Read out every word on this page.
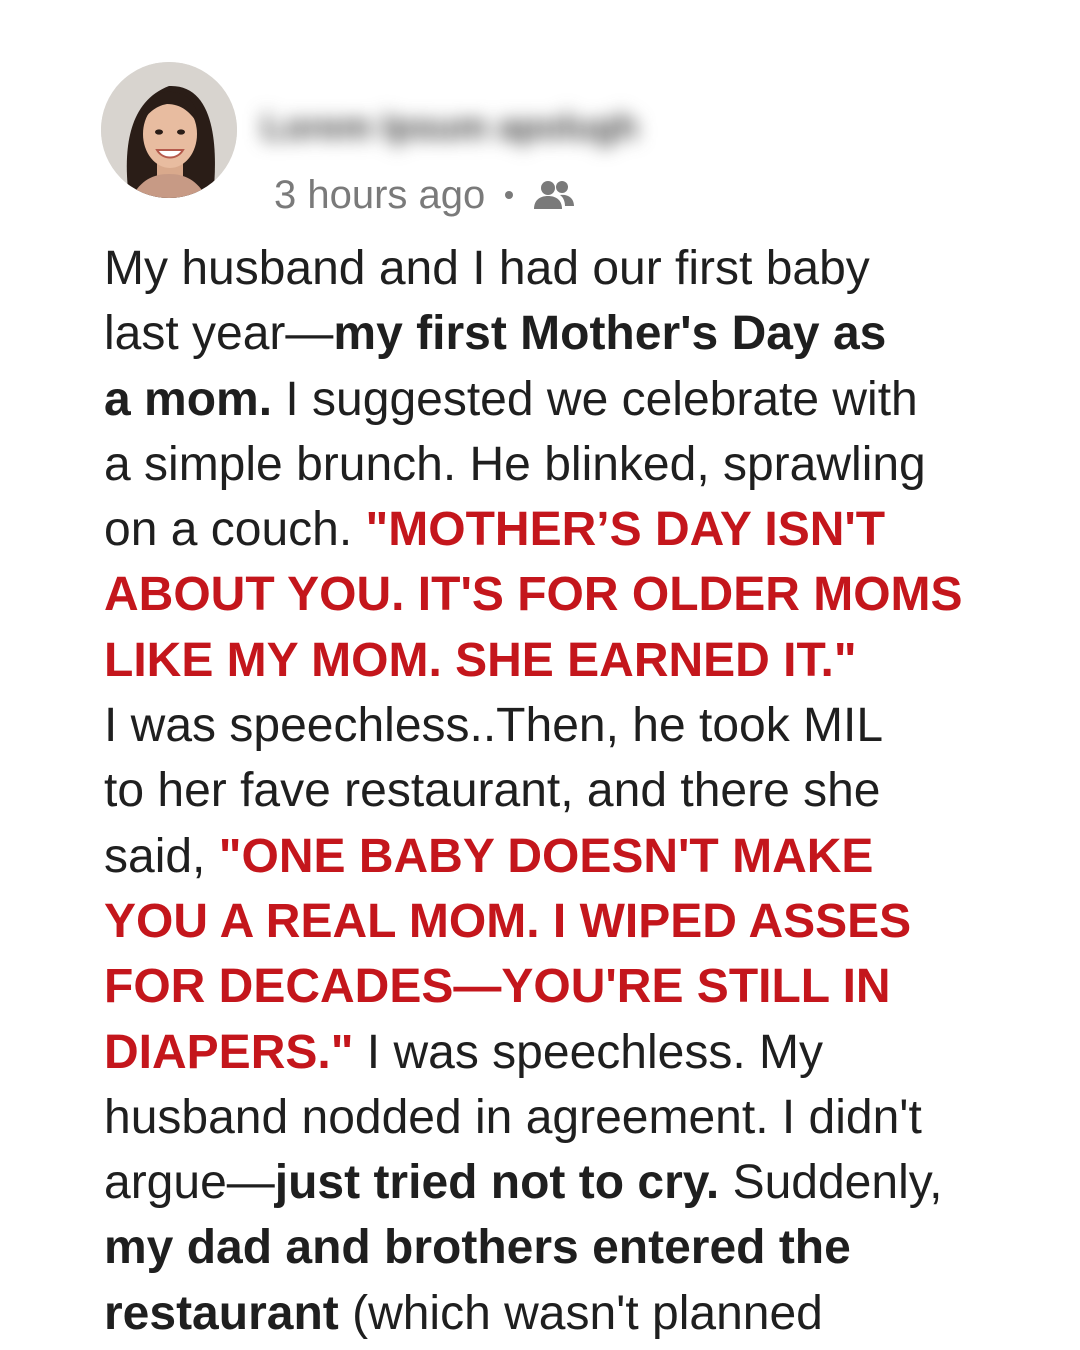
Lorem Ipsum apolugh
3 hours ago
My husband and I had our first baby
last year—my first Mother's Day as
a mom. I suggested we celebrate with
a simple brunch. He blinked, sprawling
on a couch. "MOTHER’S DAY ISN'T
ABOUT YOU. IT'S FOR OLDER MOMS
LIKE MY MOM. SHE EARNED IT."
I was speechless..Then, he took MIL
to her fave restaurant, and there she
said, "ONE BABY DOESN'T MAKE
YOU A REAL MOM. I WIPED ASSES
FOR DECADES—YOU'RE STILL IN
DIAPERS." I was speechless. My
husband nodded in agreement. I didn't
argue—just tried not to cry. Suddenly,
my dad and brothers entered the
restaurant (which wasn't planned
